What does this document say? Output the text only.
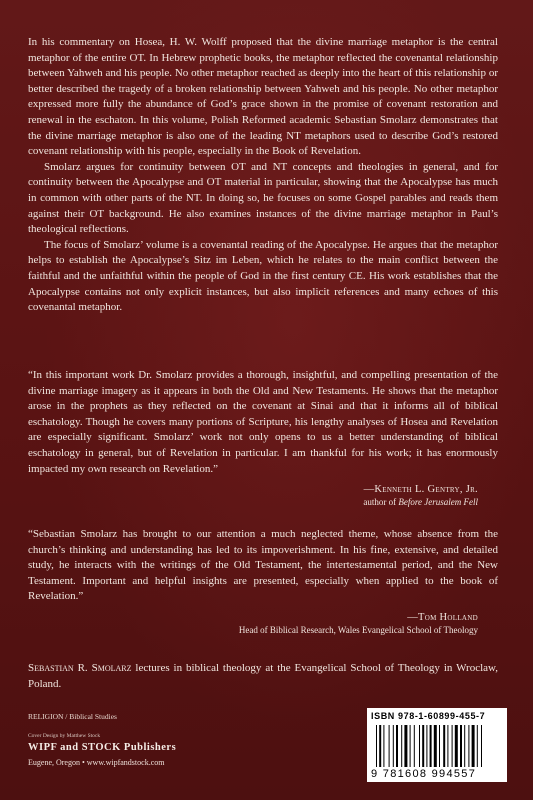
In his commentary on Hosea, H. W. Wolff proposed that the divine marriage metaphor is the central metaphor of the entire OT. In Hebrew prophetic books, the metaphor reflected the covenantal relationship between Yahweh and his people. No other metaphor reached as deeply into the heart of this relationship or better described the tragedy of a broken relationship between Yahweh and his people. No other metaphor expressed more fully the abundance of God’s grace shown in the promise of covenant restoration and renewal in the eschaton. In this volume, Polish Reformed academic Sebastian Smolarz demonstrates that the divine marriage metaphor is also one of the leading NT metaphors used to describe God’s restored covenant relationship with his people, especially in the Book of Revelation.

Smolarz argues for continuity between OT and NT concepts and theologies in general, and for continuity between the Apocalypse and OT material in particular, showing that the Apocalypse has much in common with other parts of the NT. In doing so, he focuses on some Gospel parables and reads them against their OT background. He also examines instances of the divine marriage metaphor in Paul’s theological reflections.

The focus of Smolarz’ volume is a covenantal reading of the Apocalypse. He argues that the metaphor helps to establish the Apocalypse’s Sitz im Leben, which he relates to the main conflict between the faithful and the unfaithful within the people of God in the first century CE. His work establishes that the Apocalypse contains not only explicit instances, but also implicit references and many echoes of this covenantal metaphor.

“In this important work Dr. Smolarz provides a thorough, insightful, and compelling presentation of the divine marriage imagery as it appears in both the Old and New Testaments. He shows that the metaphor arose in the prophets as they reflected on the covenant at Sinai and that it informs all of biblical eschatology. Though he covers many portions of Scripture, his lengthy analyses of Hosea and Revelation are especially significant. Smolarz’ work not only opens to us a better understanding of biblical eschatology in general, but of Revelation in particular. I am thankful for his work; it has enormously impacted my own research on Revelation.”

—Kenneth L. Gentry, Jr.
author of Before Jerusalem Fell

“Sebastian Smolarz has brought to our attention a much neglected theme, whose absence from the church’s thinking and understanding has led to its impoverishment. In his fine, extensive, and detailed study, he interacts with the writings of the Old Testament, the intertestamental period, and the New Testament. Important and helpful insights are presented, especially when applied to the book of Revelation.”

—Tom Holland
Head of Biblical Research, Wales Evangelical School of Theology
Sebastian R. Smolarz lectures in biblical theology at the Evangelical School of Theology in Wroclaw, Poland.
RELIGION / Biblical Studies
Cover Design by Matthew Stock
WIPF and STOCK Publishers
Eugene, Oregon • www.wipfandstock.com
ISBN 978-1-60899-455-7
9 781608 994557
